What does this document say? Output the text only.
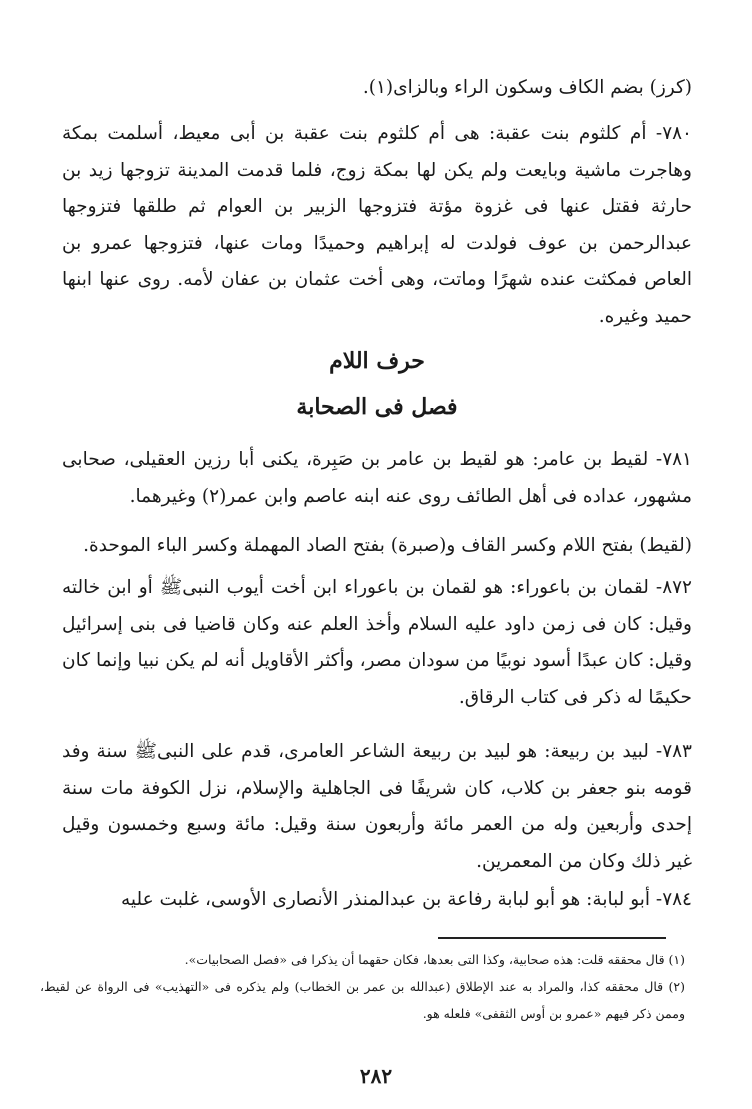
(كرز) بضم الكاف وسكون الراء وبالزاى(١).

٧٨٠- أم كلثوم بنت عقبة: هى أم كلثوم بنت عقبة بن أبى معيط، أسلمت بمكة وهاجرت ماشية وبايعت ولم يكن لها بمكة زوج، فلما قدمت المدينة تزوجها زيد بن حارثة فقتل عنها فى غزوة مؤتة فتزوجها الزبير بن العوام ثم طلقها فتزوجها عبدالرحمن بن عوف فولدت له إبراهيم وحميدًا ومات عنها، فتزوجها عمرو بن العاص فمكثت عنده شهرًا وماتت، وهى أخت عثمان بن عفان لأمه. روى عنها ابنها حميد وغيره.

حرف اللام
فصل فى الصحابة

٧٨١- لقيط بن عامر: هو لقيط بن عامر بن صَبِرة، يكنى أبا رزين العقيلى، صحابى مشهور، عداده فى أهل الطائف روى عنه ابنه عاصم وابن عمر(٢) وغيرهما.

(لقيط) بفتح اللام وكسر القاف و(صبرة) بفتح الصاد المهملة وكسر الباء الموحدة.

٨٧٢- لقمان بن باعوراء: هو لقمان بن باعوراء ابن أخت أيوب النبىﷺ أو ابن خالته وقيل: كان فى زمن داود عليه السلام وأخذ العلم عنه وكان قاضيا فى بنى إسرائيل وقيل: كان عبدًا أسود نوبيًا من سودان مصر، وأكثر الأقاويل أنه لم يكن نبيا وإنما كان حكيمًا له ذكر فى كتاب الرقاق.

٧٨٣- لبيد بن ربيعة: هو لبيد بن ربيعة الشاعر العامرى، قدم على النبىﷺ سنة وفد قومه بنو جعفر بن كلاب، كان شريفًا فى الجاهلية والإسلام، نزل الكوفة مات سنة إحدى وأربعين وله من العمر مائة وأربعون سنة وقيل: مائة وسبع وخمسون وقيل غير ذلك وكان من المعمرين.

٧٨٤- أبو لبابة: هو أبو لبابة رفاعة بن عبدالمنذر الأنصارى الأوسى، غلبت عليه

(١) قال محققه قلت: هذه صحابية، وكذا التى بعدها، فكان حقهما أن يذكرا فى «فصل الصحابيات».

(٢) قال محققه كذا، والمراد به عند الإطلاق (عبدالله بن عمر بن الخطاب) ولم يذكره فى «التهذيب» فى الرواة عن لقيط، وممن ذكر فيهم «عمرو بن أوس الثقفى» فلعله هو.

٢٨٢
